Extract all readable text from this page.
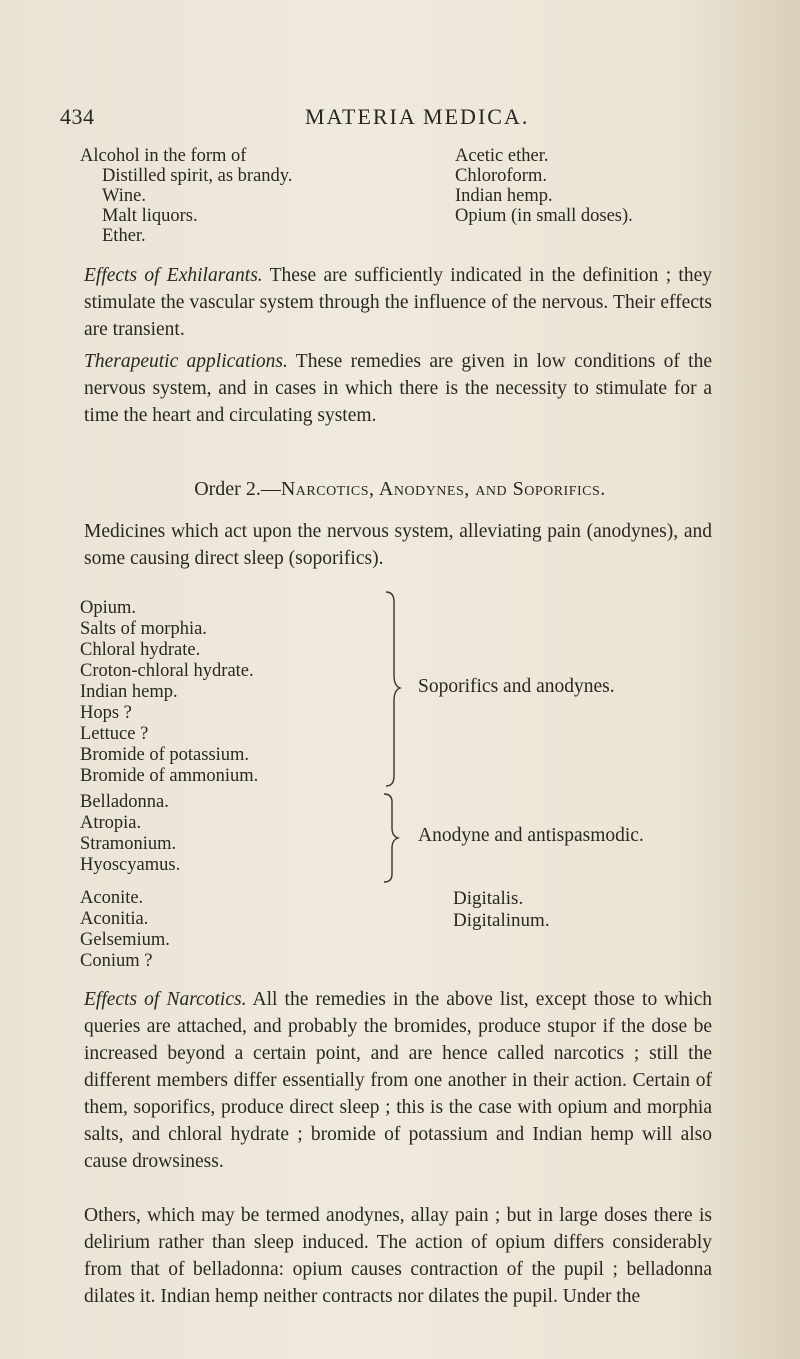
434	MATERIA MEDICA.
Alcohol in the form of
Distilled spirit, as brandy.
Wine.
Malt liquors.
Ether.
Acetic ether.
Chloroform.
Indian hemp.
Opium (in small doses).
Effects of Exhilarants. These are sufficiently indicated in the definition ; they stimulate the vascular system through the influence of the nervous. Their effects are transient.
Therapeutic applications. These remedies are given in low conditions of the nervous system, and in cases in which there is the necessity to stimulate for a time the heart and circulating system.
Order 2.—Narcotics, Anodynes, and Soporifics.
Medicines which act upon the nervous system, alleviating pain (anodynes), and some causing direct sleep (soporifics).
Opium.
Salts of morphia.
Chloral hydrate.
Croton-chloral hydrate.
Indian hemp.
Hops ?
Lettuce ?
Bromide of potassium.
Bromide of ammonium.
Soporifics and anodynes.
Belladonna.
Atropia.
Stramonium.
Hyoscyamus.
Anodyne and antispasmodic.
Aconite.
Aconitia.
Gelsemium.
Conium ?
Digitalis.
Digitalinum.
Effects of Narcotics. All the remedies in the above list, except those to which queries are attached, and probably the bromides, produce stupor if the dose be increased beyond a certain point, and are hence called narcotics ; still the different members differ essentially from one another in their action. Certain of them, soporifics, produce direct sleep ; this is the case with opium and morphia salts, and chloral hydrate ; bromide of potassium and Indian hemp will also cause drowsiness.
Others, which may be termed anodynes, allay pain ; but in large doses there is delirium rather than sleep induced. The action of opium differs considerably from that of belladonna: opium causes contraction of the pupil ; belladonna dilates it. Indian hemp neither contracts nor dilates the pupil. Under the
